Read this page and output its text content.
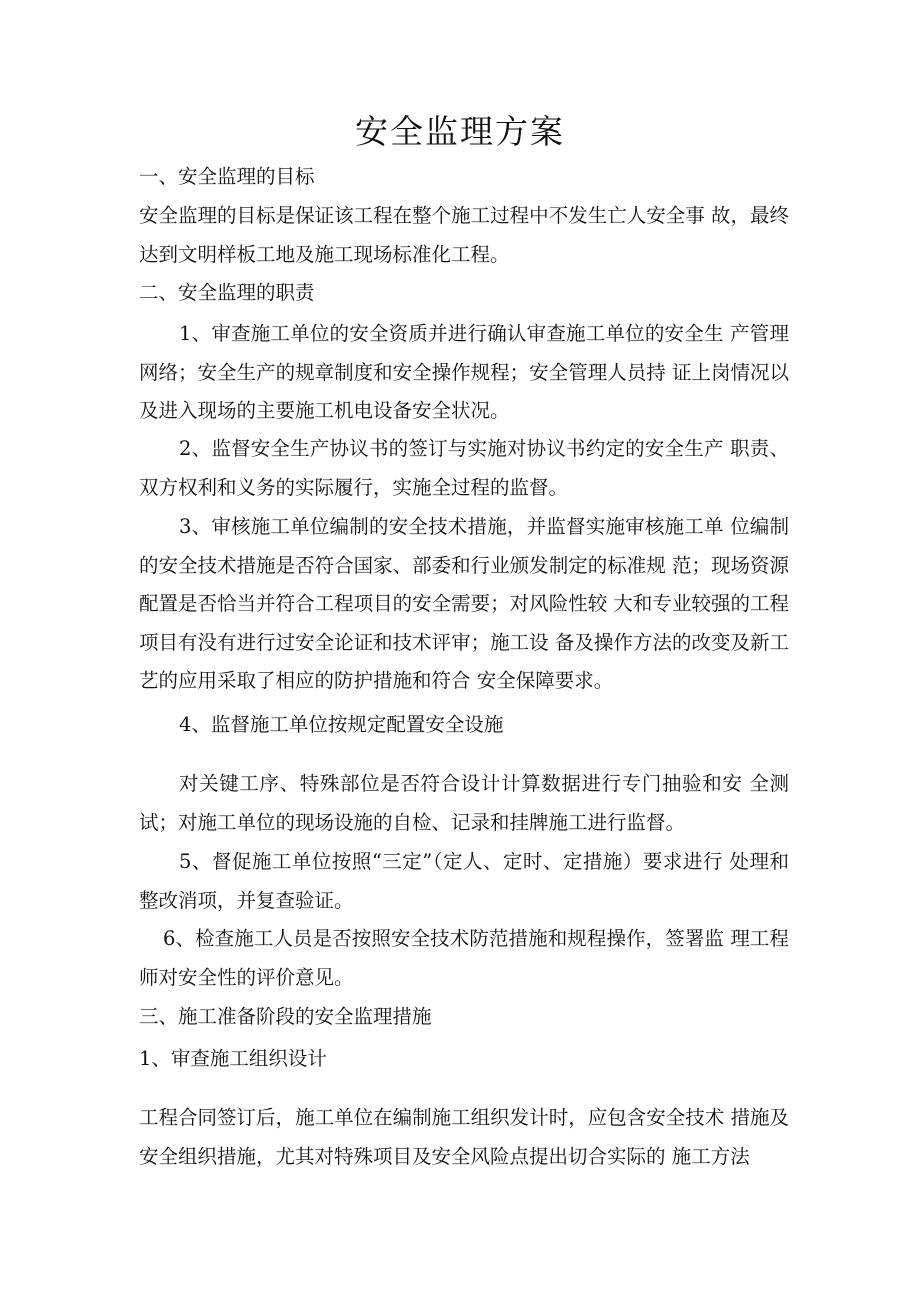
安全监理方案

一、安全监理的目标

安全监理的目标是保证该工程在整个施工过程中不发生亡人安全事 故，最终达到文明样板工地及施工现场标准化工程。

二、安全监理的职责

1、审查施工单位的安全资质并进行确认审查施工单位的安全生 产管理网络；安全生产的规章制度和安全操作规程；安全管理人员持 证上岗情况以及进入现场的主要施工机电设备安全状况。

2、监督安全生产协议书的签订与实施对协议书约定的安全生产 职责、双方权利和义务的实际履行，实施全过程的监督。

3、审核施工单位编制的安全技术措施，并监督实施审核施工单 位编制的安全技术措施是否符合国家、部委和行业颁发制定的标准规 范；现场资源配置是否恰当并符合工程项目的安全需要；对风险性较 大和专业较强的工程项目有没有进行过安全论证和技术评审；施工设 备及操作方法的改变及新工艺的应用采取了相应的防护措施和符合 安全保障要求。

4、监督施工单位按规定配置安全设施

对关键工序、特殊部位是否符合设计计算数据进行专门抽验和安 全测试；对施工单位的现场设施的自检、记录和挂牌施工进行监督。

5、督促施工单位按照“三定”（定人、定时、定措施）要求进行 处理和整改消项，并复查验证。

6、检查施工人员是否按照安全技术防范措施和规程操作，签署监 理工程师对安全性的评价意见。

三、施工准备阶段的安全监理措施

1、审查施工组织设计

工程合同签订后，施工单位在编制施工组织发计时，应包含安全技术 措施及安全组织措施，尤其对特殊项目及安全风险点提出切合实际的 施工方法
